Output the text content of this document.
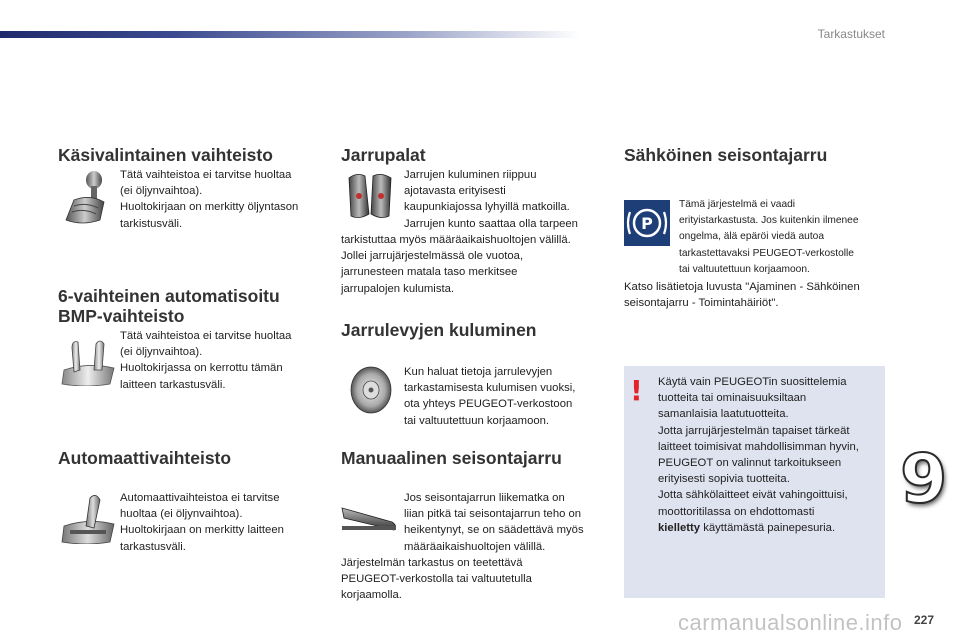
Tarkastukset
Käsivalintainen vaihteisto
Tätä vaihteistoa ei tarvitse huoltaa
(ei öljynvaihtoa).
Huoltokirjaan on merkitty öljyntason
tarkistusväli.
6-vaihteinen automatisoitu
BMP-vaihteisto
Tätä vaihteistoa ei tarvitse huoltaa
(ei öljynvaihtoa).
Huoltokirjassa on kerrottu tämän
laitteen tarkastusväli.
Automaattivaihteisto
Automaattivaihteistoa ei tarvitse
huoltaa (ei öljynvaihtoa).
Huoltokirjaan on merkitty laitteen
tarkastusväli.
Jarrupalat
Jarrujen kuluminen riippuu
ajotavasta erityisesti
kaupunkiajossa lyhyillä matkoilla.
Jarrujen kunto saattaa olla tarpeen
tarkistuttaa myös määräaikaishuoltojen välillä.
Jollei jarrujärjestelmässä ole vuotoa,
jarrunesteen matala taso merkitsee
jarrupalojen kulumista.
Jarrulevyjen kuluminen
Kun haluat tietoja jarrulevyjen
tarkastamisesta kulumisen vuoksi,
ota yhteys PEUGEOT-verkostoon
tai valtuutettuun korjaamoon.
Manuaalinen seisontajarru
Jos seisontajarrun liikematka on
liian pitkä tai seisontajarrun teho on
heikentynyt, se on säädettävä myös
määräaikaishuoltojen välillä.
Järjestelmän tarkastus on teetettävä
PEUGEOT-verkostolla tai valtuutetulla
korjaamolla.
Sähköinen seisontajarru
P
Tämä järjestelmä ei vaadi
erityistarkastusta. Jos kuitenkin ilmenee
ongelma, älä epäröi viedä autoa
tarkastettavaksi PEUGEOT-verkostolle
tai valtuutettuun korjaamoon.
Katso lisätietoja luvusta "Ajaminen - Sähköinen
seisontajarru - Toimintahäiriöt".
! Käytä vain PEUGEOTin suosittelemia
tuotteita tai ominaisuuksiltaan
samanlaisia laatutuotteita.
Jotta jarrujärjestelmän tapaiset tärkeät
laitteet toimisivat mahdollisimman hyvin,
PEUGEOT on valinnut tarkoitukseen
erityisesti sopivia tuotteita.
Jotta sähkölaitteet eivät vahingoittuisi,
moottoritilassa on ehdottomasti
kielletty käyttämästä painepesuria.
9
carmanualsonline.info 227
